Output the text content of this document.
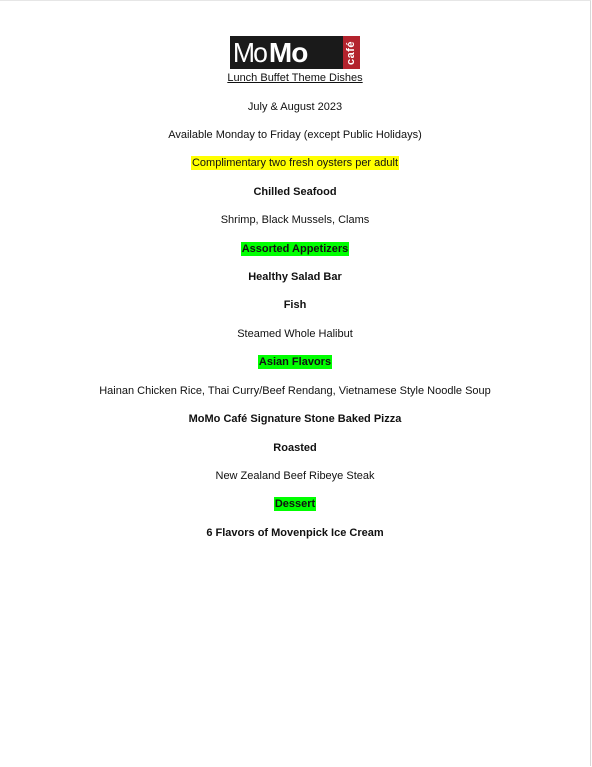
Mo Mo	café
Lunch Buffet Theme Dishes
July & August 2023
Available Monday to Friday (except Public Holidays)
Complimentary two fresh oysters per adult
Chilled Seafood
Shrimp, Black Mussels, Clams
Assorted Appetizers
Healthy Salad Bar
Fish
Steamed Whole Halibut
Asian Flavors
Hainan Chicken Rice, Thai Curry/Beef Rendang, Vietnamese Style Noodle Soup
MoMo Café Signature Stone Baked Pizza
Roasted
New Zealand Beef Ribeye Steak
Dessert
6 Flavors of Movenpick Ice Cream
